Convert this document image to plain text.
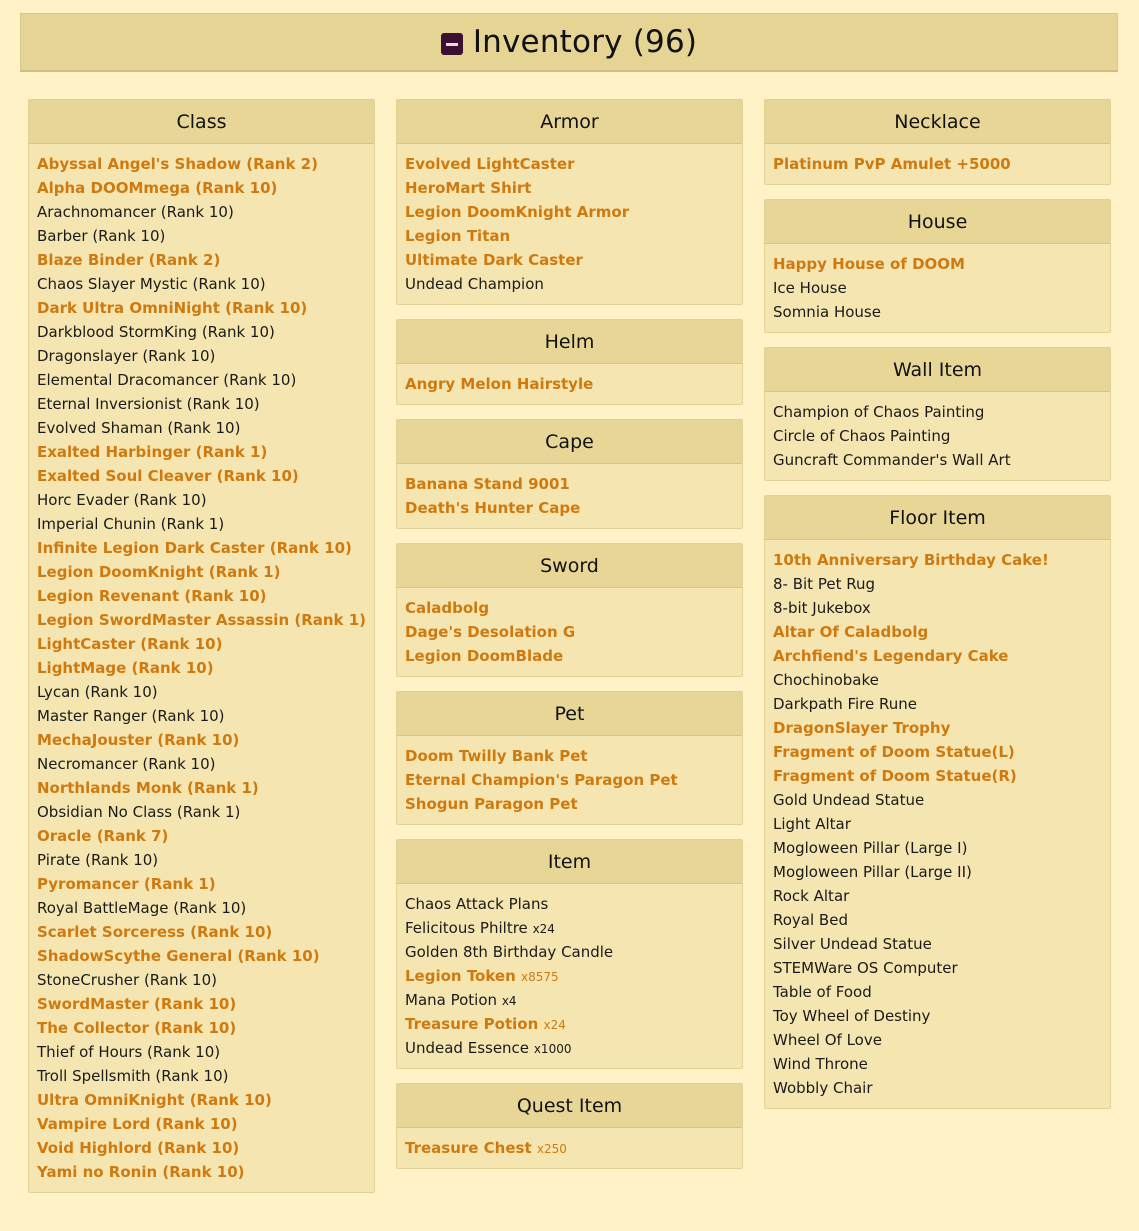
Inventory (96)
Class
Abyssal Angel's Shadow (Rank 2)
Alpha DOOMmega (Rank 10)
Arachnomancer (Rank 10)
Barber (Rank 10)
Blaze Binder (Rank 2)
Chaos Slayer Mystic (Rank 10)
Dark Ultra OmniNight (Rank 10)
Darkblood StormKing (Rank 10)
Dragonslayer (Rank 10)
Elemental Dracomancer (Rank 10)
Eternal Inversionist (Rank 10)
Evolved Shaman (Rank 10)
Exalted Harbinger (Rank 1)
Exalted Soul Cleaver (Rank 10)
Horc Evader (Rank 10)
Imperial Chunin (Rank 1)
Infinite Legion Dark Caster (Rank 10)
Legion DoomKnight (Rank 1)
Legion Revenant (Rank 10)
Legion SwordMaster Assassin (Rank 1)
LightCaster (Rank 10)
LightMage (Rank 10)
Lycan (Rank 10)
Master Ranger (Rank 10)
MechaJouster (Rank 10)
Necromancer (Rank 10)
Northlands Monk (Rank 1)
Obsidian No Class (Rank 1)
Oracle (Rank 7)
Pirate (Rank 10)
Pyromancer (Rank 1)
Royal BattleMage (Rank 10)
Scarlet Sorceress (Rank 10)
ShadowScythe General (Rank 10)
StoneCrusher (Rank 10)
SwordMaster (Rank 10)
The Collector (Rank 10)
Thief of Hours (Rank 10)
Troll Spellsmith (Rank 10)
Ultra OmniKnight (Rank 10)
Vampire Lord (Rank 10)
Void Highlord (Rank 10)
Yami no Ronin (Rank 10)
Armor
Evolved LightCaster
HeroMart Shirt
Legion DoomKnight Armor
Legion Titan
Ultimate Dark Caster
Undead Champion
Helm
Angry Melon Hairstyle
Cape
Banana Stand 9001
Death's Hunter Cape
Sword
Caladbolg
Dage's Desolation G
Legion DoomBlade
Pet
Doom Twilly Bank Pet
Eternal Champion's Paragon Pet
Shogun Paragon Pet
Item
Chaos Attack Plans
Felicitous Philtre x24
Golden 8th Birthday Candle
Legion Token x8575
Mana Potion x4
Treasure Potion x24
Undead Essence x1000
Quest Item
Treasure Chest x250
Necklace
Platinum PvP Amulet +5000
House
Happy House of DOOM
Ice House
Somnia House
Wall Item
Champion of Chaos Painting
Circle of Chaos Painting
Guncraft Commander's Wall Art
Floor Item
10th Anniversary Birthday Cake!
8- Bit Pet Rug
8-bit Jukebox
Altar Of Caladbolg
Archfiend's Legendary Cake
Chochinobake
Darkpath Fire Rune
DragonSlayer Trophy
Fragment of Doom Statue(L)
Fragment of Doom Statue(R)
Gold Undead Statue
Light Altar
Mogloween Pillar (Large I)
Mogloween Pillar (Large II)
Rock Altar
Royal Bed
Silver Undead Statue
STEMWare OS Computer
Table of Food
Toy Wheel of Destiny
Wheel Of Love
Wind Throne
Wobbly Chair
